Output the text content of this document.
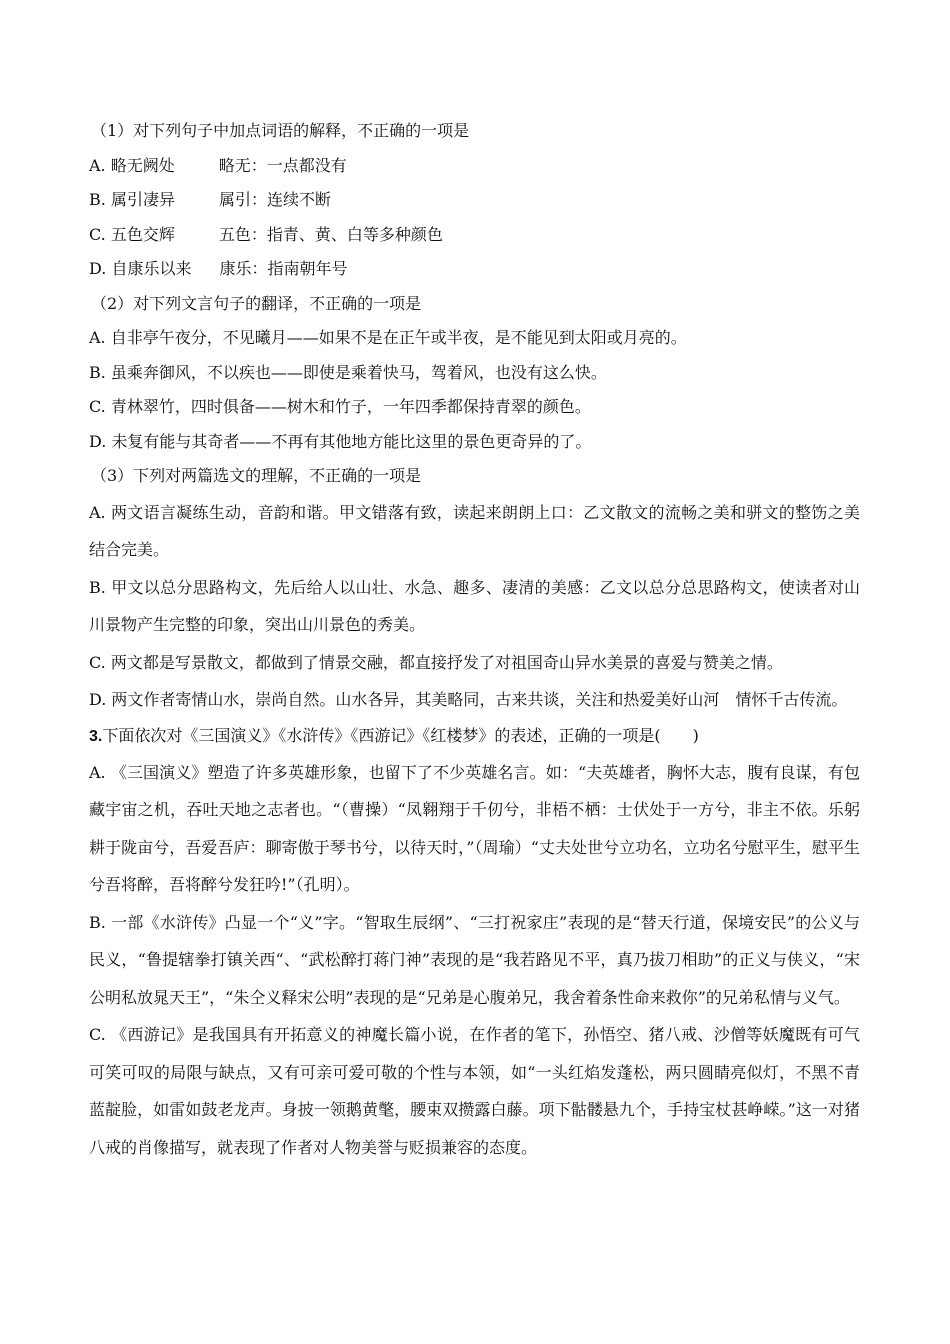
（1）对下列句子中加点词语的解释，不正确的一项是
A. 略无阙处	略无：一点都没有
B. 属引凄异	属引：连续不断
C. 五色交辉	五色：指青、黄、白等多种颜色
D. 自康乐以来 康乐：指南朝年号
（2）对下列文言句子的翻译，不正确的一项是
A. 自非亭午夜分，不见曦月——如果不是在正午或半夜，是不能见到太阳或月亮的。
B. 虽乘奔御风，不以疾也——即使是乘着快马，驾着风，也没有这么快。
C. 青林翠竹，四时俱备——树木和竹子，一年四季都保持青翠的颜色。
D. 未复有能与其奇者——不再有其他地方能比这里的景色更奇异的了。
（3）下列对两篇选文的理解，不正确的一项是
A. 两文语言凝练生动，音韵和谐。甲文错落有致，读起来朗朗上口：乙文散文的流畅之美和骈文的整饬之美结合完美。
B. 甲文以总分思路构文，先后给人以山壮、水急、趣多、凄清的美感：乙文以总分总思路构文，使读者对山川景物产生完整的印象，突出山川景色的秀美。
C. 两文都是写景散文，都做到了情景交融，都直接抒发了对祖国奇山异水美景的喜爱与赞美之情。
D. 两文作者寄情山水，崇尚自然。山水各异，其美略同，古来共谈，关注和热爱美好山河　情怀千古传流。
3.下面依次对《三国演义》《水浒传》《西游记》《红楼梦》的表述，正确的一项是(　　)
A. 《三国演义》塑造了许多英雄形象，也留下了不少英雄名言。如：“夫英雄者，胸怀大志，腹有良谋，有包藏宇宙之机，吞吐天地之志者也。“（曹操）“凤翱翔于千仞兮，非梧不栖：士伏处于一方兮，非主不依。乐躬耕于陇亩兮，吾爱吾庐：聊寄傲于琴书兮，以待天时，”（周瑜）“丈夫处世兮立功名，立功名兮慰平生，慰平生兮吾将醉，吾将醉兮发狂吟!”（孔明）。
B. 一部《水浒传》凸显一个“义”字。“智取生辰纲”、“三打祝家庄”表现的是“替天行道，保境安民”的公义与民义，“鲁提辖拳打镇关西“、“武松醉打蒋门神”表现的是“我若路见不平，真乃拔刀相助”的正义与侠义，“宋公明私放晁天王”，“朱仝义释宋公明”表现的是“兄弟是心腹弟兄，我舍着条性命来救你”的兄弟私情与义气。
C. 《西游记》是我国具有开拓意义的神魔长篇小说，在作者的笔下，孙悟空、猪八戒、沙僧等妖魔既有可气可笑可叹的局限与缺点，又有可亲可爱可敬的个性与本领，如“一头红焰发蓬松，两只圆睛亮似灯，不黑不青蓝靛脸，如雷如鼓老龙声。身披一领鹅黄氅，腰束双攒露白藤。项下骷髅悬九个，手持宝杖甚峥嵘。”这一对猪八戒的肖像描写，就表现了作者对人物美誉与贬损兼容的态度。
